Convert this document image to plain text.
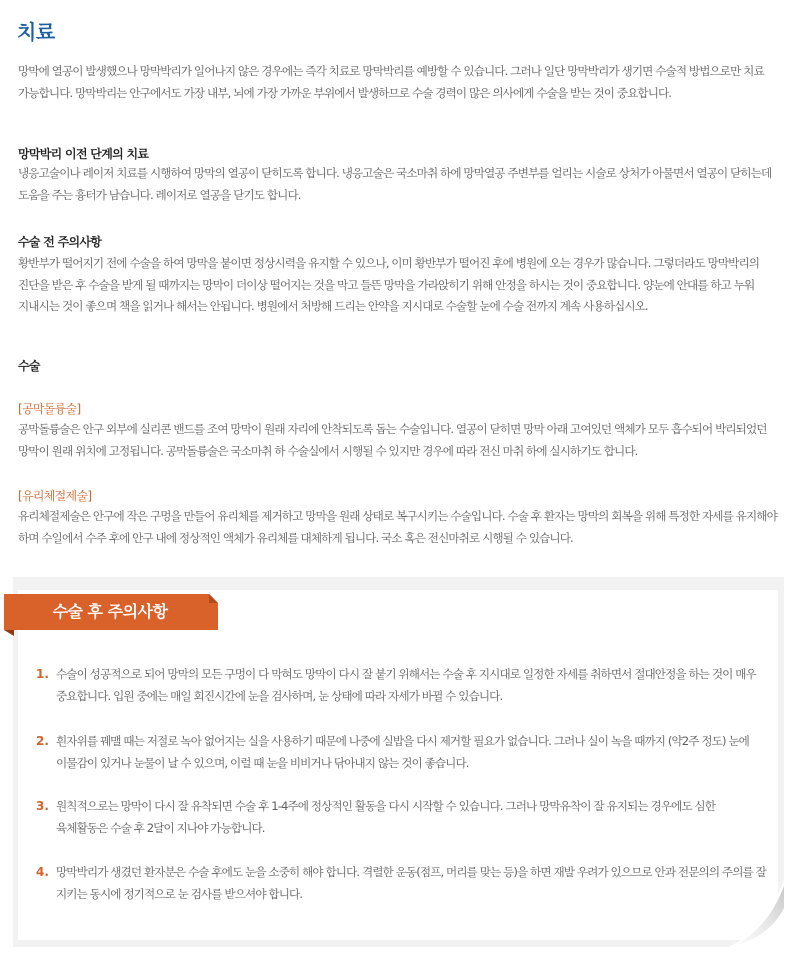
치료
망막에 열공이 발생했으나 망막박리가 일어나지 않은 경우에는 즉각 치료로 망막박리를 예방할 수 있습니다. 그러나 일단 망막박리가 생기면 수술적 방법으로만 치료 가능합니다. 망막박리는 안구에서도 가장 내부, 뇌에 가장 가까운 부위에서 발생하므로 수술 경력이 많은 의사에게 수술을 받는 것이 중요합니다.
망막박리 이전 단계의 치료
냉응고술이나 레이저 치료를 시행하여 망막의 열공이 닫히도록 합니다. 냉응고술은 국소마취 하에 망막열공 주변부를 얼리는 시술로 상처가 아물면서 열공이 닫히는데 도움을 주는 흉터가 남습니다. 레이저로 열공을 닫기도 합니다.
수술 전 주의사항
황반부가 떨어지기 전에 수술을 하여 망막을 붙이면 정상시력을 유지할 수 있으나, 이미 황반부가 떨어진 후에 병원에 오는 경우가 많습니다. 그렇더라도 망막박리의 진단을 받은 후 수술을 받게 될 때까지는 망막이 더이상 떨어지는 것을 막고 들뜬 망막을 가라앉히기 위해 안정을 하시는 것이 중요합니다. 양눈에 안대를 하고 누워 지내시는 것이 좋으며 책을 읽거나 해서는 안됩니다. 병원에서 처방해 드리는 안약을 지시대로 수술할 눈에 수술 전까지 계속 사용하십시오.
수술
[공막돌륭술]
공막돌륭술은 안구 외부에 실리콘 밴드를 조여 망막이 원래 자리에 안착되도록 돕는 수술입니다. 열공이 닫히면 망막 아래 고여있던 액체가 모두 흡수되어 박리되었던 망막이 원래 위치에 고정됩니다. 공막돌륭술은 국소마취 하 수술실에서 시행될 수 있지만 경우에 따라 전신 마취 하에 실시하기도 합니다.
[유리체절제술]
유리체절제술은 안구에 작은 구멍을 만들어 유리체를 제거하고 망막을 원래 상태로 복구시키는 수술입니다. 수술 후 환자는 망막의 회복을 위해 특정한 자세를 유지해야 하며 수일에서 수주 후에 안구 내에 정상적인 액체가 유리체를 대체하게 됩니다. 국소 혹은 전신마취로 시행될 수 있습니다.
수술 후 주의사항
1. 수술이 성공적으로 되어 망막의 모든 구멍이 다 막혀도 망막이 다시 잘 붙기 위해서는 수술 후 지시대로 일정한 자세를 취하면서 절대안정을 하는 것이 매우 중요합니다. 입원 중에는 매일 회진시간에 눈을 검사하며, 눈 상태에 따라 자세가 바뀔 수 있습니다.
2. 흰자위를 꿰맬 때는 저절로 녹아 없어지는 실을 사용하기 때문에 나중에 실밥을 다시 제거할 필요가 없습니다. 그러나 실이 녹을 때까지 (약2주 정도) 눈에 이물감이 있거나 눈물이 날 수 있으며, 이럴 때 눈을 비비거나 닦아내지 않는 것이 좋습니다.
3. 원칙적으로는 망막이 다시 잘 유착되면 수술 후 1-4주에 정상적인 활동을 다시 시작할 수 있습니다. 그러나 망막유착이 잘 유지되는 경우에도 심한 육체활동은 수술 후 2달이 지나야 가능합니다.
4. 망막박리가 생겼던 환자분은 수술 후에도 눈을 소중히 해야 합니다. 격렬한 운동(점프, 머리를 맞는 등)을 하면 재발 우려가 있으므로 안과 전문의의 주의를 잘 지키는 동시에 정기적으로 눈 검사를 받으셔야 합니다.
